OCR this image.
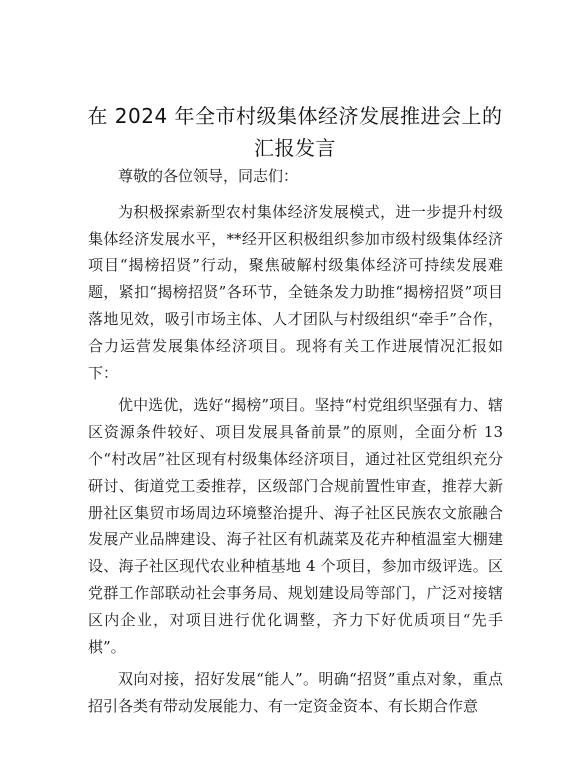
在 2024 年全市村级集体经济发展推进会上的汇报发言

尊敬的各位领导，同志们：

为积极探索新型农村集体经济发展模式，进一步提升村级集体经济发展水平，**经开区积极组织参加市级村级集体经济项目“揭榜招贤”行动，聚焦破解村级集体经济可持续发展难题，紧扣“揭榜招贤”各环节，全链条发力助推“揭榜招贤”项目落地见效，吸引市场主体、人才团队与村级组织“牵手”合作，合力运营发展集体经济项目。现将有关工作进展情况汇报如下：

优中选优，选好“揭榜”项目。坚持“村党组织坚强有力、辖区资源条件较好、项目发展具备前景”的原则，全面分析 13 个“村改居”社区现有村级集体经济项目，通过社区党组织充分研讨、街道党工委推荐，区级部门合规前置性审查，推荐大新册社区集贸市场周边环境整治提升、海子社区民族农文旅融合发展产业品牌建设、海子社区有机蔬菜及花卉种植温室大棚建设、海子社区现代农业种植基地 4 个项目，参加市级评选。区党群工作部联动社会事务局、规划建设局等部门，广泛对接辖区内企业，对项目进行优化调整，齐力下好优质项目“先手棋”。

双向对接，招好发展“能人”。明确“招贤”重点对象，重点招引各类有带动发展能力、有一定资金资本、有长期合作意
